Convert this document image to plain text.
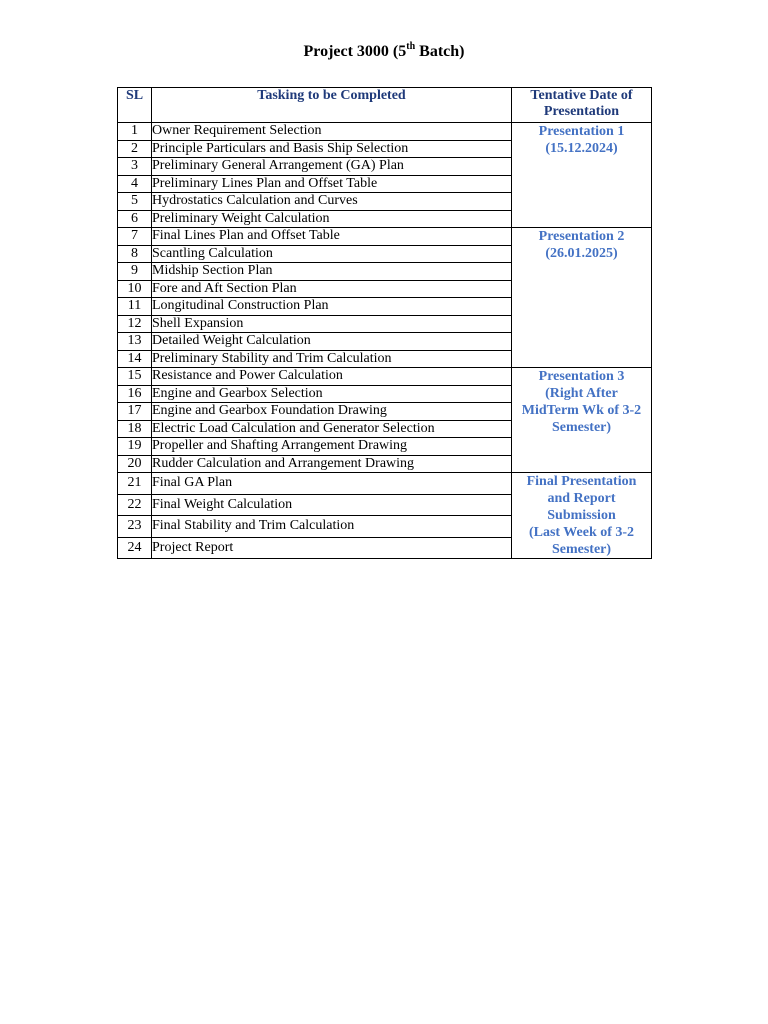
Project 3000 (5th Batch)
SL	Tasking to be Completed	Tentative Date of
Presentation
1	Owner Requirement Selection	Presentation 1
(15.12.2024)

2	Principle Particulars and Basis Ship Selection	
3	Preliminary General Arrangement (GA) Plan	
4	Preliminary Lines Plan and Offset Table	
5	Hydrostatics Calculation and Curves	
6	Preliminary Weight Calculation	
7	Final Lines Plan and Offset Table	Presentation 2
(26.01.2025)

8	Scantling Calculation	
9	Midship Section Plan	
10	Fore and Aft Section Plan	
11	Longitudinal Construction Plan	
12	Shell Expansion	
13	Detailed Weight Calculation	
14	Preliminary Stability and Trim Calculation	
15	Resistance and Power Calculation	Presentation 3
(Right After
MidTerm Wk of 3-2
Semester)

16	Engine and Gearbox Selection	
17	Engine and Gearbox Foundation Drawing	
18	Electric Load Calculation and Generator Selection	
19	Propeller and Shafting Arrangement Drawing	
20	Rudder Calculation and Arrangement Drawing	
21	Final GA Plan	Final Presentation
and Report
Submission
(Last Week of 3-2
Semester)

22	Final Weight Calculation	
23	Final Stability and Trim Calculation	
24	Project Report	
